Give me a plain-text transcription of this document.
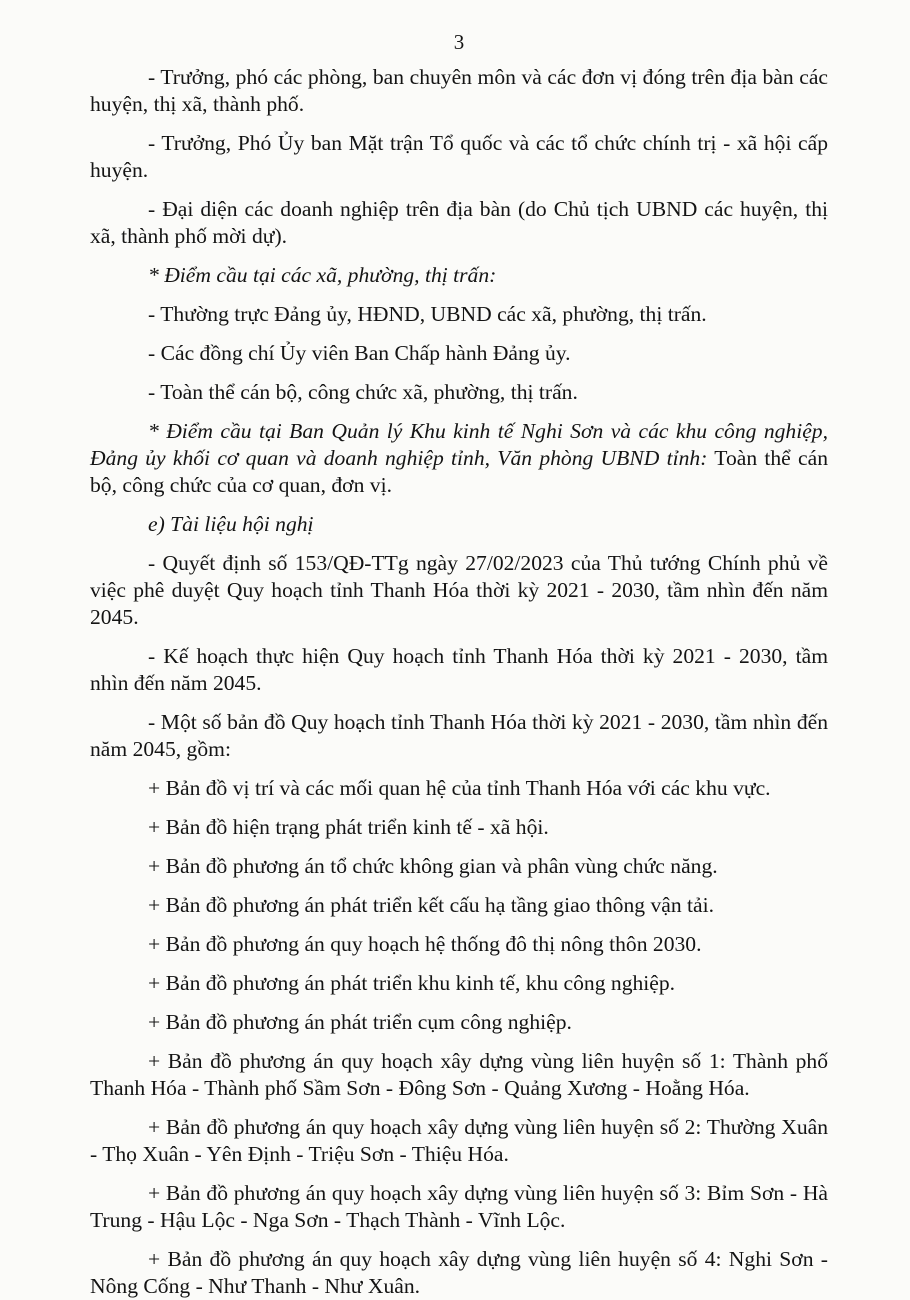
3

- Trưởng, phó các phòng, ban chuyên môn và các đơn vị đóng trên địa bàn các huyện, thị xã, thành phố.

- Trưởng, Phó Ủy ban Mặt trận Tổ quốc và các tổ chức chính trị - xã hội cấp huyện.

- Đại diện các doanh nghiệp trên địa bàn (do Chủ tịch UBND các huyện, thị xã, thành phố mời dự).

* Điểm cầu tại các xã, phường, thị trấn:

- Thường trực Đảng ủy, HĐND, UBND các xã, phường, thị trấn.

- Các đồng chí Ủy viên Ban Chấp hành Đảng ủy.

- Toàn thể cán bộ, công chức xã, phường, thị trấn.

* Điểm cầu tại Ban Quản lý Khu kinh tế Nghi Sơn và các khu công nghiệp, Đảng ủy khối cơ quan và doanh nghiệp tỉnh, Văn phòng UBND tỉnh: Toàn thể cán bộ, công chức của cơ quan, đơn vị.

e) Tài liệu hội nghị

- Quyết định số 153/QĐ-TTg ngày 27/02/2023 của Thủ tướng Chính phủ về việc phê duyệt Quy hoạch tỉnh Thanh Hóa thời kỳ 2021 - 2030, tầm nhìn đến năm 2045.

- Kế hoạch thực hiện Quy hoạch tỉnh Thanh Hóa thời kỳ 2021 - 2030, tầm nhìn đến năm 2045.

- Một số bản đồ Quy hoạch tỉnh Thanh Hóa thời kỳ 2021 - 2030, tầm nhìn đến năm 2045, gồm:

+ Bản đồ vị trí và các mối quan hệ của tỉnh Thanh Hóa với các khu vực.

+ Bản đồ hiện trạng phát triển kinh tế - xã hội.

+ Bản đồ phương án tổ chức không gian và phân vùng chức năng.

+ Bản đồ phương án phát triển kết cấu hạ tầng giao thông vận tải.

+ Bản đồ phương án quy hoạch hệ thống đô thị nông thôn 2030.

+ Bản đồ phương án phát triển khu kinh tế, khu công nghiệp.

+ Bản đồ phương án phát triển cụm công nghiệp.

+ Bản đồ phương án quy hoạch xây dựng vùng liên huyện số 1: Thành phố Thanh Hóa - Thành phố Sầm Sơn - Đông Sơn - Quảng Xương - Hoằng Hóa.

+ Bản đồ phương án quy hoạch xây dựng vùng liên huyện số 2: Thường Xuân - Thọ Xuân - Yên Định - Triệu Sơn - Thiệu Hóa.

+ Bản đồ phương án quy hoạch xây dựng vùng liên huyện số 3: Bỉm Sơn - Hà Trung - Hậu Lộc - Nga Sơn - Thạch Thành - Vĩnh Lộc.

+ Bản đồ phương án quy hoạch xây dựng vùng liên huyện số 4: Nghi Sơn - Nông Cống - Như Thanh - Như Xuân.
